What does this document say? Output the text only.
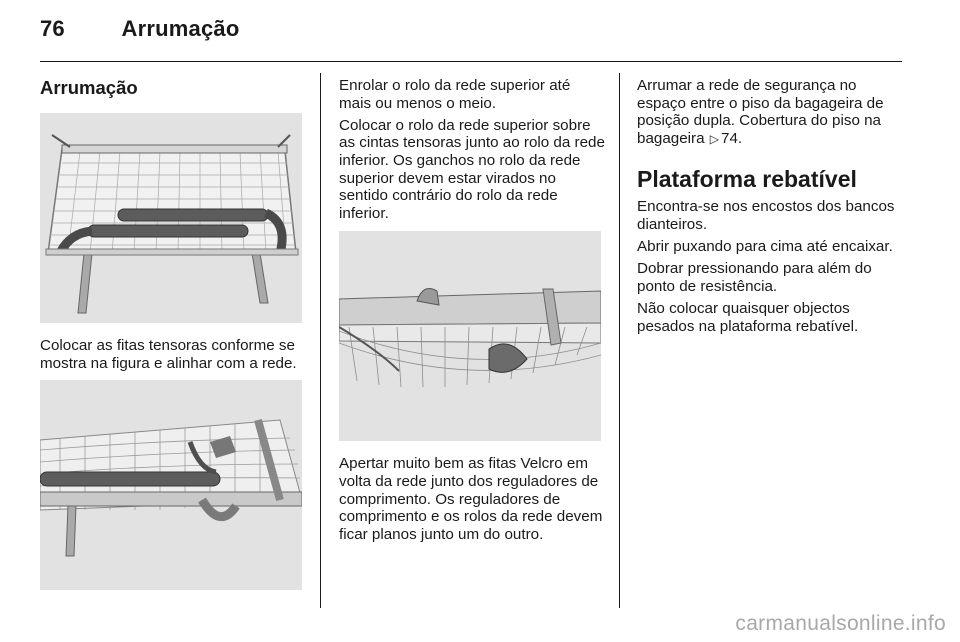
76	Arrumação
Arrumação

Colocar as fitas tensoras conforme se mostra na figura e alinhar com a rede.

Enrolar o rolo da rede superior até mais ou menos o meio.

Colocar o rolo da rede superior sobre as cintas tensoras junto ao rolo da rede inferior. Os ganchos no rolo da rede superior devem estar virados no sentido contrário do rolo da rede inferior.

Apertar muito bem as fitas Velcro em volta da rede junto dos reguladores de comprimento. Os reguladores de comprimento e os rolos da rede devem ficar planos junto um do outro.

Arrumar a rede de segurança no espaço entre o piso da bagageira de posição dupla. Cobertura do piso na bagageira ▷ 74.

Plataforma rebatível

Encontra-se nos encostos dos bancos dianteiros.

Abrir puxando para cima até encaixar.

Dobrar pressionando para além do ponto de resistência.

Não colocar quaisquer objectos pesados na plataforma rebatível.

carmanualsonline.info
